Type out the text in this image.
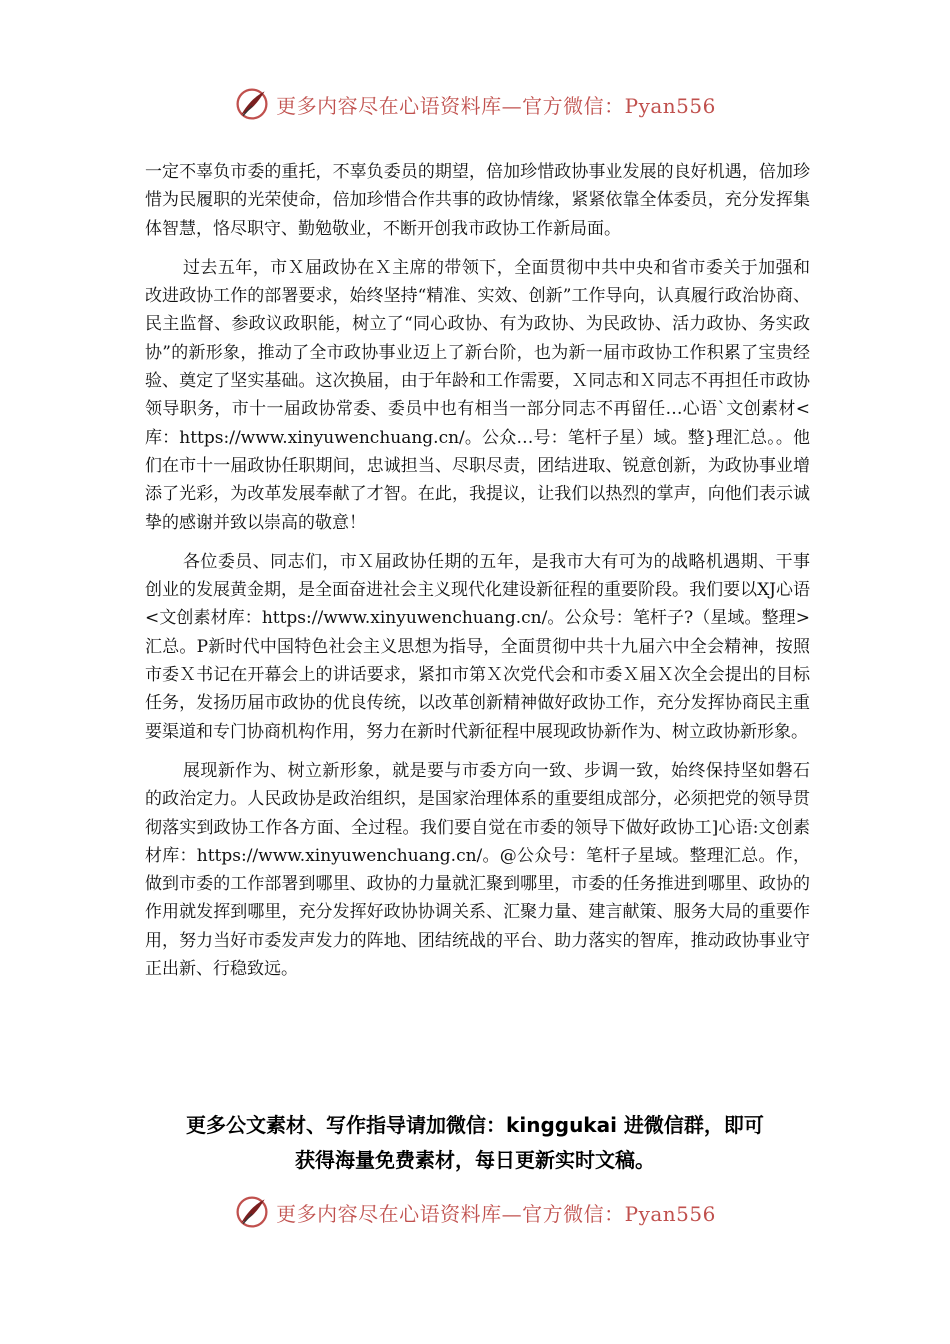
更多内容尽在心语资料库—官方微信：Pyan556

一定不辜负市委的重托，不辜负委员的期望，倍加珍惜政协事业发展的良好机遇，倍加珍惜为民履职的光荣使命，倍加珍惜合作共事的政协情缘，紧紧依靠全体委员，充分发挥集体智慧，恪尽职守、勤勉敬业，不断开创我市政协工作新局面。

过去五年，市Ｘ届政协在Ｘ主席的带领下，全面贯彻中共中央和省市委关于加强和改进政协工作的部署要求，始终坚持“精准、实效、创新”工作导向，认真履行政治协商、民主监督、参政议政职能，树立了“同心政协、有为政协、为民政协、活力政协、务实政协”的新形象，推动了全市政协事业迈上了新台阶，也为新一届市政协工作积累了宝贵经验、奠定了坚实基础。这次换届，由于年龄和工作需要，Ｘ同志和Ｘ同志不再担任市政协领导职务，市十一届政协常委、委员中也有相当一部分同志不再留任…心语`文创素材<库：https://www.xinyuwenchuang.cn/。公众…号：笔杆子星）域。整}理汇总。。他们在市十一届政协任职期间，忠诚担当、尽职尽责，团结进取、锐意创新，为政协事业增添了光彩，为改革发展奉献了才智。在此，我提议，让我们以热烈的掌声，向他们表示诚挚的感谢并致以崇高的敬意！

各位委员、同志们，市Ｘ届政协任期的五年，是我市大有可为的战略机遇期、干事创业的发展黄金期，是全面奋进社会主义现代化建设新征程的重要阶段。我们要以XJ心语<文创素材库：https://www.xinyuwenchuang.cn/。公众号：笔杆子?（星域。整理>汇总。P新时代中国特色社会主义思想为指导，全面贯彻中共十九届六中全会精神，按照市委Ｘ书记在开幕会上的讲话要求，紧扣市第Ｘ次党代会和市委Ｘ届Ｘ次全会提出的目标任务，发扬历届市政协的优良传统，以改革创新精神做好政协工作，充分发挥协商民主重要渠道和专门协商机构作用，努力在新时代新征程中展现政协新作为、树立政协新形象。

展现新作为、树立新形象，就是要与市委方向一致、步调一致，始终保持坚如磐石的政治定力。人民政协是政治组织，是国家治理体系的重要组成部分，必须把党的领导贯彻落实到政协工作各方面、全过程。我们要自觉在市委的领导下做好政协工]心语:文创素材库：https://www.xinyuwenchuang.cn/。@公众号：笔杆子星域。整理汇总。作，做到市委的工作部署到哪里、政协的力量就汇聚到哪里，市委的任务推进到哪里、政协的作用就发挥到哪里，充分发挥好政协协调关系、汇聚力量、建言献策、服务大局的重要作用，努力当好市委发声发力的阵地、团结统战的平台、助力落实的智库，推动政协事业守正出新、行稳致远。

更多公文素材、写作指导请加微信：kinggukai 进微信群，即可
获得海量免费素材，每日更新实时文稿。
更多内容尽在心语资料库—官方微信：Pyan556
